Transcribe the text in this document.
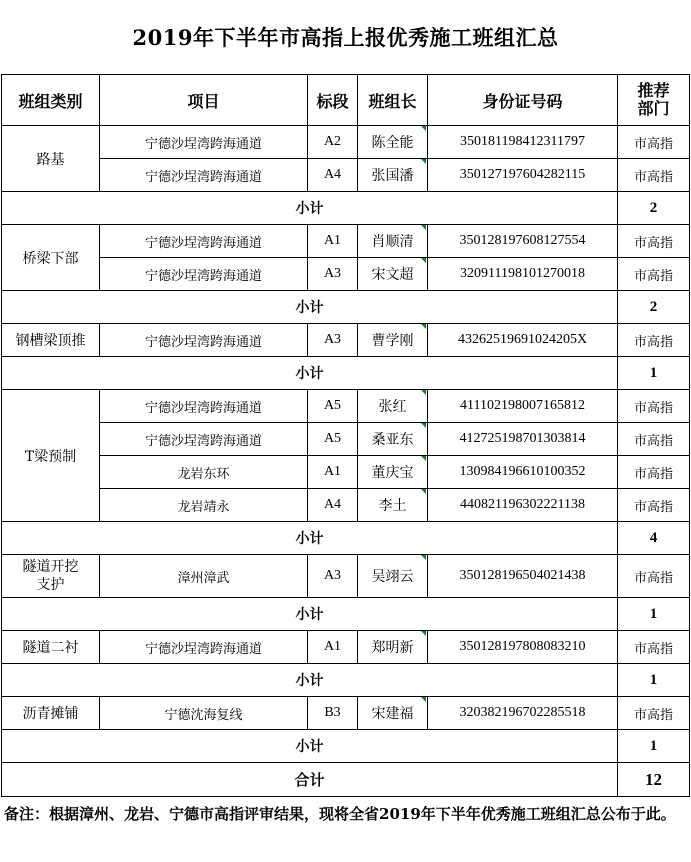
2019年下半年市高指上报优秀施工班组汇总
班组类别	项目	标段	班组长	身份证号码	推荐
部门
路基	宁德沙埕湾跨海通道	A2	陈全能	350181198412311797	市高指
	宁德沙埕湾跨海通道	A4	张国潘	350127197604282115	市高指
小计					2
桥梁下部	宁德沙埕湾跨海通道	A1	肖顺清	350128197608127554	市高指
	宁德沙埕湾跨海通道	A3	宋文超	320911198101270018	市高指
小计					2
钢槽梁顶推	宁德沙埕湾跨海通道	A3	曹学刚	43262519691024205X	市高指
小计					1
T梁预制	宁德沙埕湾跨海通道	A5	张红	411102198007165812	市高指
	宁德沙埕湾跨海通道	A5	桑亚东	412725198701303814	市高指
	龙岩东环	A1	董庆宝	130984196610100352	市高指
	龙岩靖永	A4	李土	440821196302221138	市高指
小计					4
隧道开挖
支护	漳州漳武	A3	吴翊云	350128196504021438	市高指
小计					1
隧道二衬	宁德沙埕湾跨海通道	A1	郑明新	350128197808083210	市高指
小计					1
沥青摊铺	宁德沈海复线	B3	宋建福	320382196702285518	市高指
小计					1
合计					12
备注：根据漳州、龙岩、宁德市高指评审结果，现将全省2019年下半年优秀施工班组汇总公布于此。
